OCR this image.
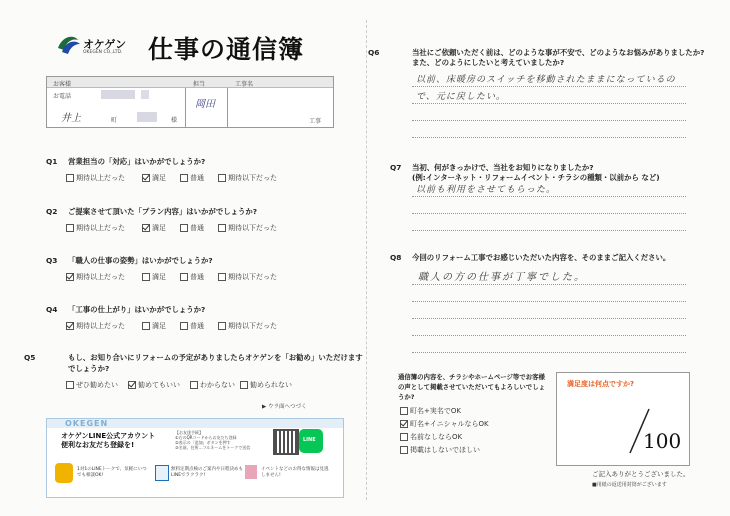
オケゲン
OKEGEN CO.,LTD. 仕事の通信簿
お客様
お電話
井上	町	様
担当
岡田
工事名
工事
Q1 営業担当の「対応」はいかがでしょうか?
期待以上だった	満足	普通	期待以下だった
Q2 ご提案させて頂いた「プラン内容」はいかがでしょうか?
期待以上だった	満足	普通	期待以下だった
Q3 「職人の仕事の姿勢」はいかがでしょうか?
期待以上だった	満足	普通	期待以下だった
Q4 「工事の仕上がり」はいかがでしょうか?
期待以上だった	満足	普通	期待以下だった
Q5	もし、お知り合いにリフォームの予定がありましたらオケゲンを「お勧め」いただけますでしょうか?
ぜひ勧めたい	勧めてもいい	わからない 勧められない
▶ ウラ面へつづく
OKEGEN
オケゲンLINE公式アカウント
便利なお友だち登録を!
【お友達手続】
①右のQRコードからお友だち登録
②表示の「追加」ボタンを押す
③名前、住所…フルネームをトークで送信
LINE
1対1のLINEトークで、気軽にいつでも相談OK!
無料定期点検のご案内や日程決めもLINEでラクラク!
イベントなどのお得な情報は見逃しません!
Q6	当社にご依頼いただく前は、どのような事が不安で、どのようなお悩みがありましたか? また、どのようにしたいと考えていましたか?
以前、床暖房のスイッチを移動されたままになっているので、元に戻したい。
Q7 当初、何がきっかけで、当社をお知りになりましたか?
(例:インターネット・リフォームイベント・チラシの種類・以前から など)
以前も利用をさせてもらった。
Q8 今回のリフォーム工事でお感じいただいた内容を、そのままご記入ください。
職人の方の仕事が丁寧でした。
通信簿の内容を、チラシやホームページ等でお客様の声として掲載させていただいてもよろしいでしょうか?
町名+実名でOK
町名+イニシャルならOK
名前なしならOK
掲載はしないでほしい
満足度は何点ですか?
100
ご記入ありがとうございました。
■用紙の返送用封筒がございます
